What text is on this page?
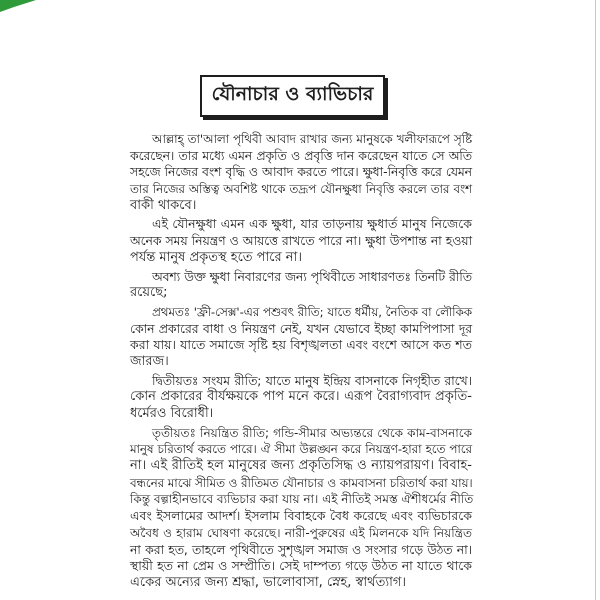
যৌনাচার ও ব্যাভিচার
আল্লাহ্ তা'আলা পৃথিবী আবাদ রাখার জন্য মানুষকে খলীফারূপে সৃষ্টি
করেছেন। তার মধ্যে এমন প্রকৃতি ও প্রবৃত্তি দান করেছেন যাতে সে অতি
সহজে নিজের বংশ বৃদ্ধি ও আবাদ করতে পারে। ক্ষুধা-নিবৃত্তি করে যেমন
তার নিজের অস্তিত্ব অবশিষ্ট থাকে তদ্রূপ যৌনক্ষুধা নিবৃত্তি করলে তার বংশ
বাকী থাকবে।
এই যৌনক্ষুধা এমন এক ক্ষুধা, যার তাড়নায় ক্ষুধার্ত মানুষ নিজেকে
অনেক সময় নিয়ন্ত্রণ ও আয়ত্তে রাখতে পারে না। ক্ষুধা উপশান্ত না হওয়া
পর্যন্ত মানুষ প্রকৃতস্থ হতে পারে না।
অবশ্য উক্ত ক্ষুধা নিবারণের জন্য পৃথিবীতে সাধারণতঃ তিনটি রীতি
রয়েছে;
প্রথমতঃ 'ফ্রী-সেক্স'-এর পশুবৎ রীতি; যাতে ধর্মীয়, নৈতিক বা লৌকিক
কোন প্রকারের বাধা ও নিয়ন্ত্রণ নেই, যখন যেভাবে ইচ্ছা কামপিপাসা দূর
করা যায়। যাতে সমাজে সৃষ্টি হয় বিশৃঙ্খলতা এবং বংশে আসে কত শত
জারজ।
দ্বিতীয়তঃ সংযম রীতি; যাতে মানুষ ইন্দ্রিয় বাসনাকে নিগৃহীত রাখে।
কোন প্রকারের বীর্যক্ষয়কে পাপ মনে করে। এরূপ বৈরাগ্যবাদ প্রকৃতি-
ধর্মেরও বিরোধী।
তৃতীয়তঃ নিয়ন্ত্রিত রীতি; গন্ডি-সীমার অভ্যন্তরে থেকে কাম-বাসনাকে
মানুষ চরিতার্থ করতে পারে। ঐ সীমা উল্লঙ্ঘন করে নিয়ন্ত্রণ-হারা হতে পারে
না। এই রীতিই হল মানুষের জন্য প্রকৃতিসিদ্ধ ও ন্যায়পরায়ণ। বিবাহ-
বন্ধনের মাঝে সীমিত ও রীতিমত যৌনাচার ও কামবাসনা চরিতার্থ করা যায়।
কিন্তু বল্গাহীনভাবে ব্যভিচার করা যায় না। এই নীতিই সমস্ত ঐশীধর্মের নীতি
এবং ইসলামের আদর্শ। ইসলাম বিবাহকে বৈধ করেছে এবং ব্যভিচারকে
অবৈধ ও হারাম ঘোষণা করেছে। নারী-পুরুষের এই মিলনকে যদি নিয়ন্ত্রিত
না করা হত, তাহলে পৃথিবীতে সুশৃঙ্খল সমাজ ও সংসার গড়ে উঠত না।
স্থায়ী হত না প্রেম ও সম্প্রীতি। সেই দাম্পত্য গড়ে উঠত না যাতে থাকে
একের অন্যের জন্য শ্রদ্ধা, ভালোবাসা, স্নেহ, স্বার্থত্যাগ।
